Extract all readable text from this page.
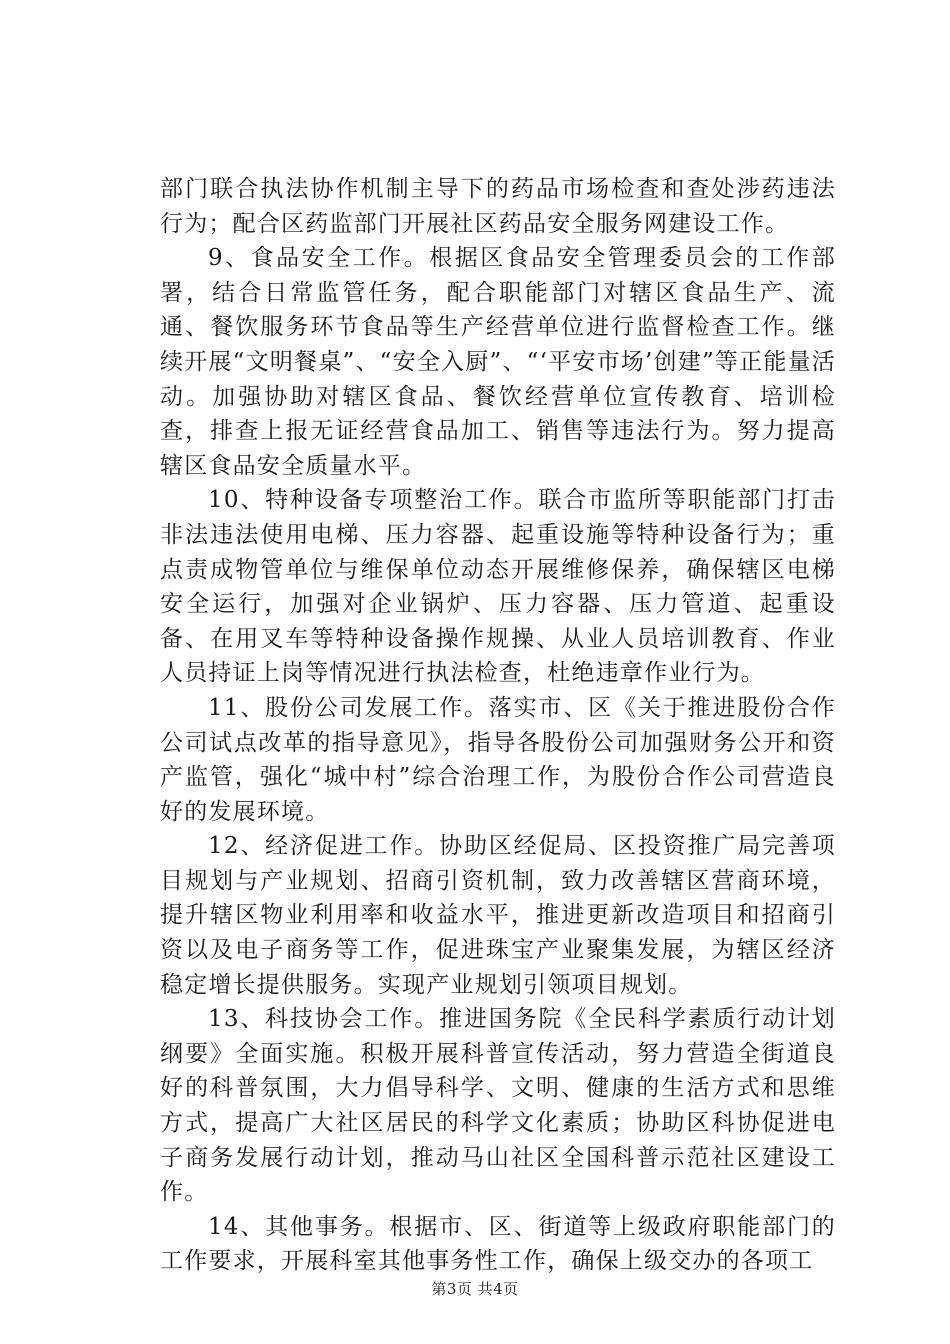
部门联合执法协作机制主导下的药品市场检查和查处涉药违法行为；配合区药监部门开展社区药品安全服务网建设工作。

9、食品安全工作。根据区食品安全管理委员会的工作部署，结合日常监管任务，配合职能部门对辖区食品生产、流通、餐饮服务环节食品等生产经营单位进行监督检查工作。继续开展“文明餐桌”、“安全入厨”、“‘平安市场’创建”等正能量活动。加强协助对辖区食品、餐饮经营单位宣传教育、培训检查，排查上报无证经营食品加工、销售等违法行为。努力提高辖区食品安全质量水平。

10、特种设备专项整治工作。联合市监所等职能部门打击非法违法使用电梯、压力容器、起重设施等特种设备行为；重点责成物管单位与维保单位动态开展维修保养，确保辖区电梯安全运行，加强对企业锅炉、压力容器、压力管道、起重设备、在用叉车等特种设备操作规操、从业人员培训教育、作业人员持证上岗等情况进行执法检查，杜绝违章作业行为。

11、股份公司发展工作。落实市、区《关于推进股份合作公司试点改革的指导意见》，指导各股份公司加强财务公开和资产监管，强化“城中村”综合治理工作，为股份合作公司营造良好的发展环境。

12、经济促进工作。协助区经促局、区投资推广局完善项目规划与产业规划、招商引资机制，致力改善辖区营商环境，提升辖区物业利用率和收益水平，推进更新改造项目和招商引资以及电子商务等工作，促进珠宝产业聚集发展，为辖区经济稳定增长提供服务。实现产业规划引领项目规划。

13、科技协会工作。推进国务院《全民科学素质行动计划纲要》全面实施。积极开展科普宣传活动，努力营造全街道良好的科普氛围，大力倡导科学、文明、健康的生活方式和思维方式，提高广大社区居民的科学文化素质；协助区科协促进电子商务发展行动计划，推动马山社区全国科普示范社区建设工作。

14、其他事务。根据市、区、街道等上级政府职能部门的工作要求，开展科室其他事务性工作，确保上级交办的各项工

第3页 共4页
